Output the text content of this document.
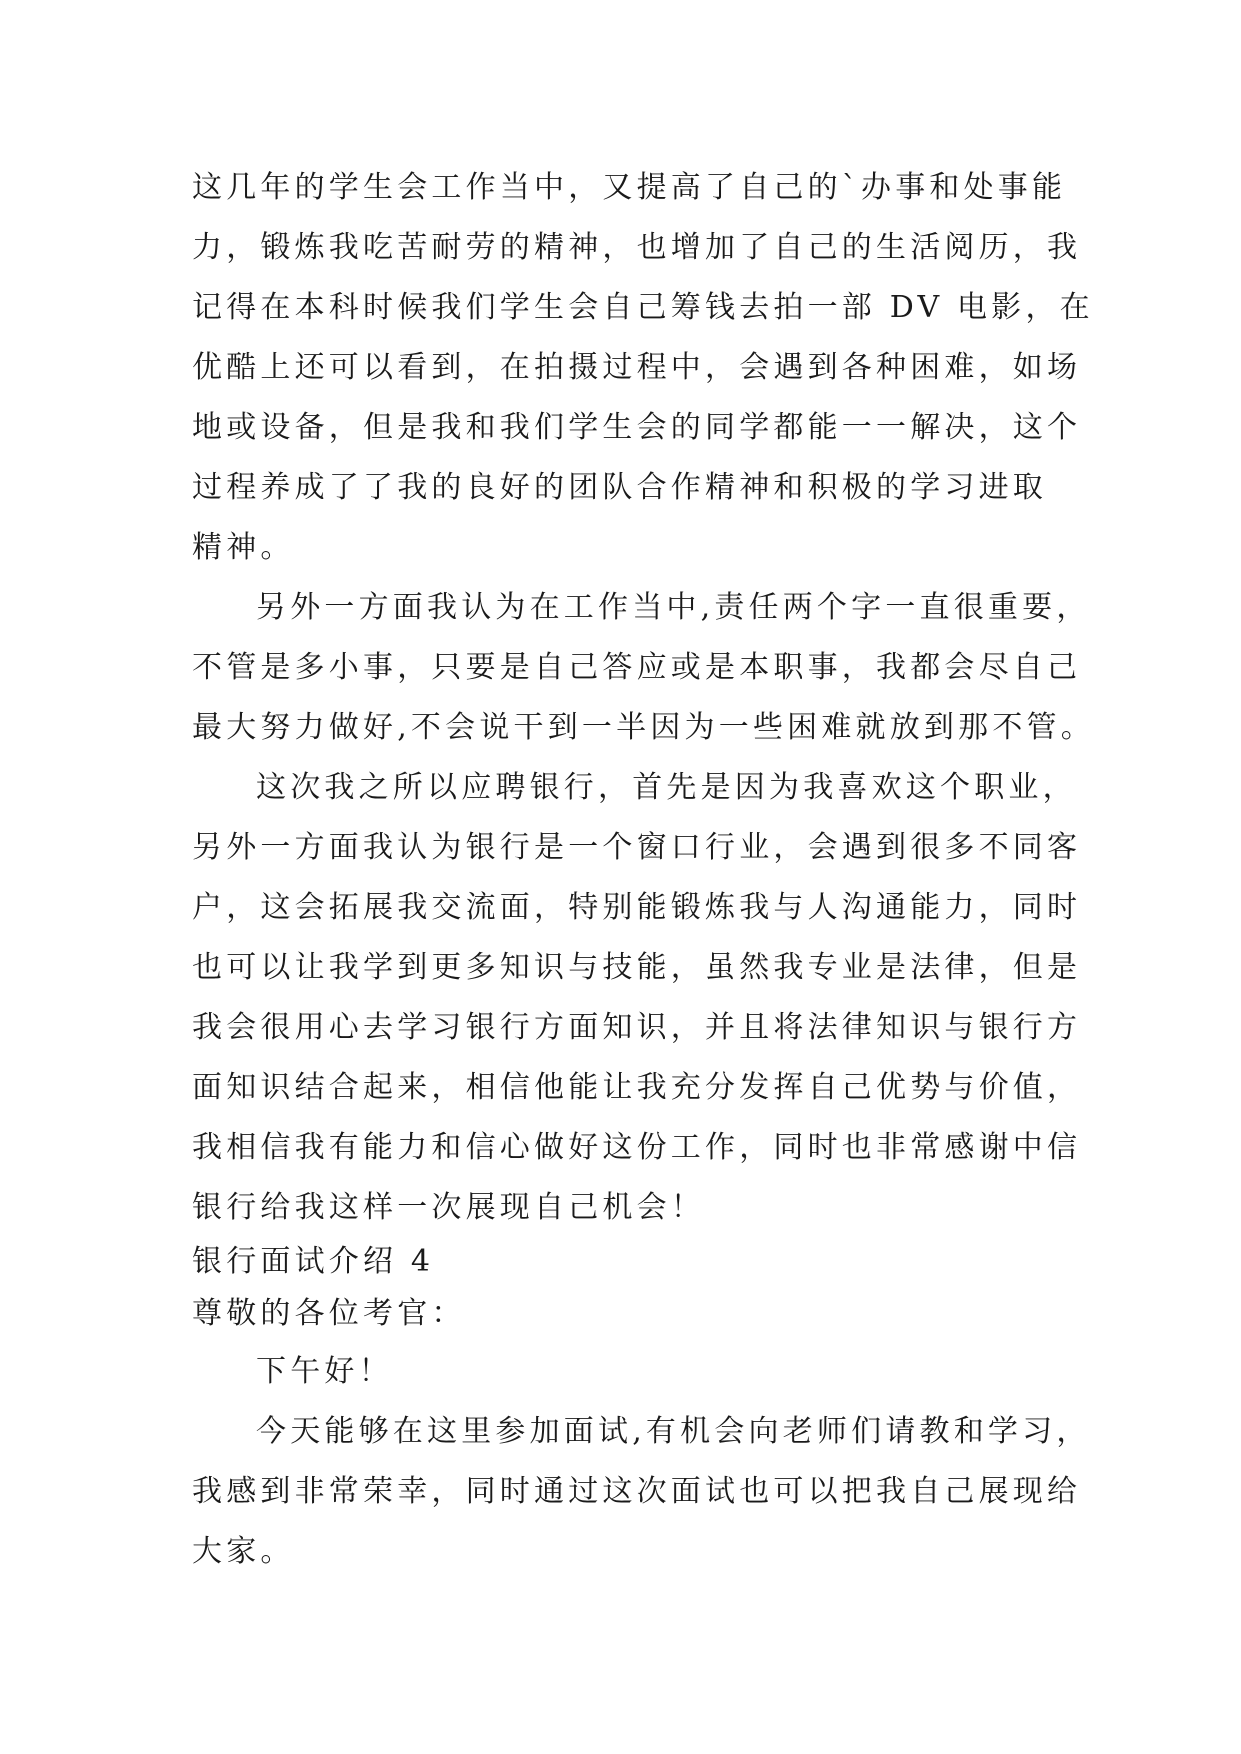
这几年的学生会工作当中，又提高了自己的`办事和处事能
力，锻炼我吃苦耐劳的精神，也增加了自己的生活阅历，我
记得在本科时候我们学生会自己筹钱去拍一部 DV 电影，在
优酷上还可以看到，在拍摄过程中，会遇到各种困难，如场
地或设备，但是我和我们学生会的同学都能一一解决，这个
过程养成了了我的良好的团队合作精神和积极的学习进取
精神。
另外一方面我认为在工作当中,责任两个字一直很重要，
不管是多小事，只要是自己答应或是本职事，我都会尽自己
最大努力做好,不会说干到一半因为一些困难就放到那不管。
这次我之所以应聘银行，首先是因为我喜欢这个职业，
另外一方面我认为银行是一个窗口行业，会遇到很多不同客
户，这会拓展我交流面，特别能锻炼我与人沟通能力，同时
也可以让我学到更多知识与技能，虽然我专业是法律，但是
我会很用心去学习银行方面知识，并且将法律知识与银行方
面知识结合起来，相信他能让我充分发挥自己优势与价值，
我相信我有能力和信心做好这份工作，同时也非常感谢中信
银行给我这样一次展现自己机会！
银行面试介绍 4
尊敬的各位考官：
下午好！
今天能够在这里参加面试,有机会向老师们请教和学习，
我感到非常荣幸，同时通过这次面试也可以把我自己展现给
大家。
